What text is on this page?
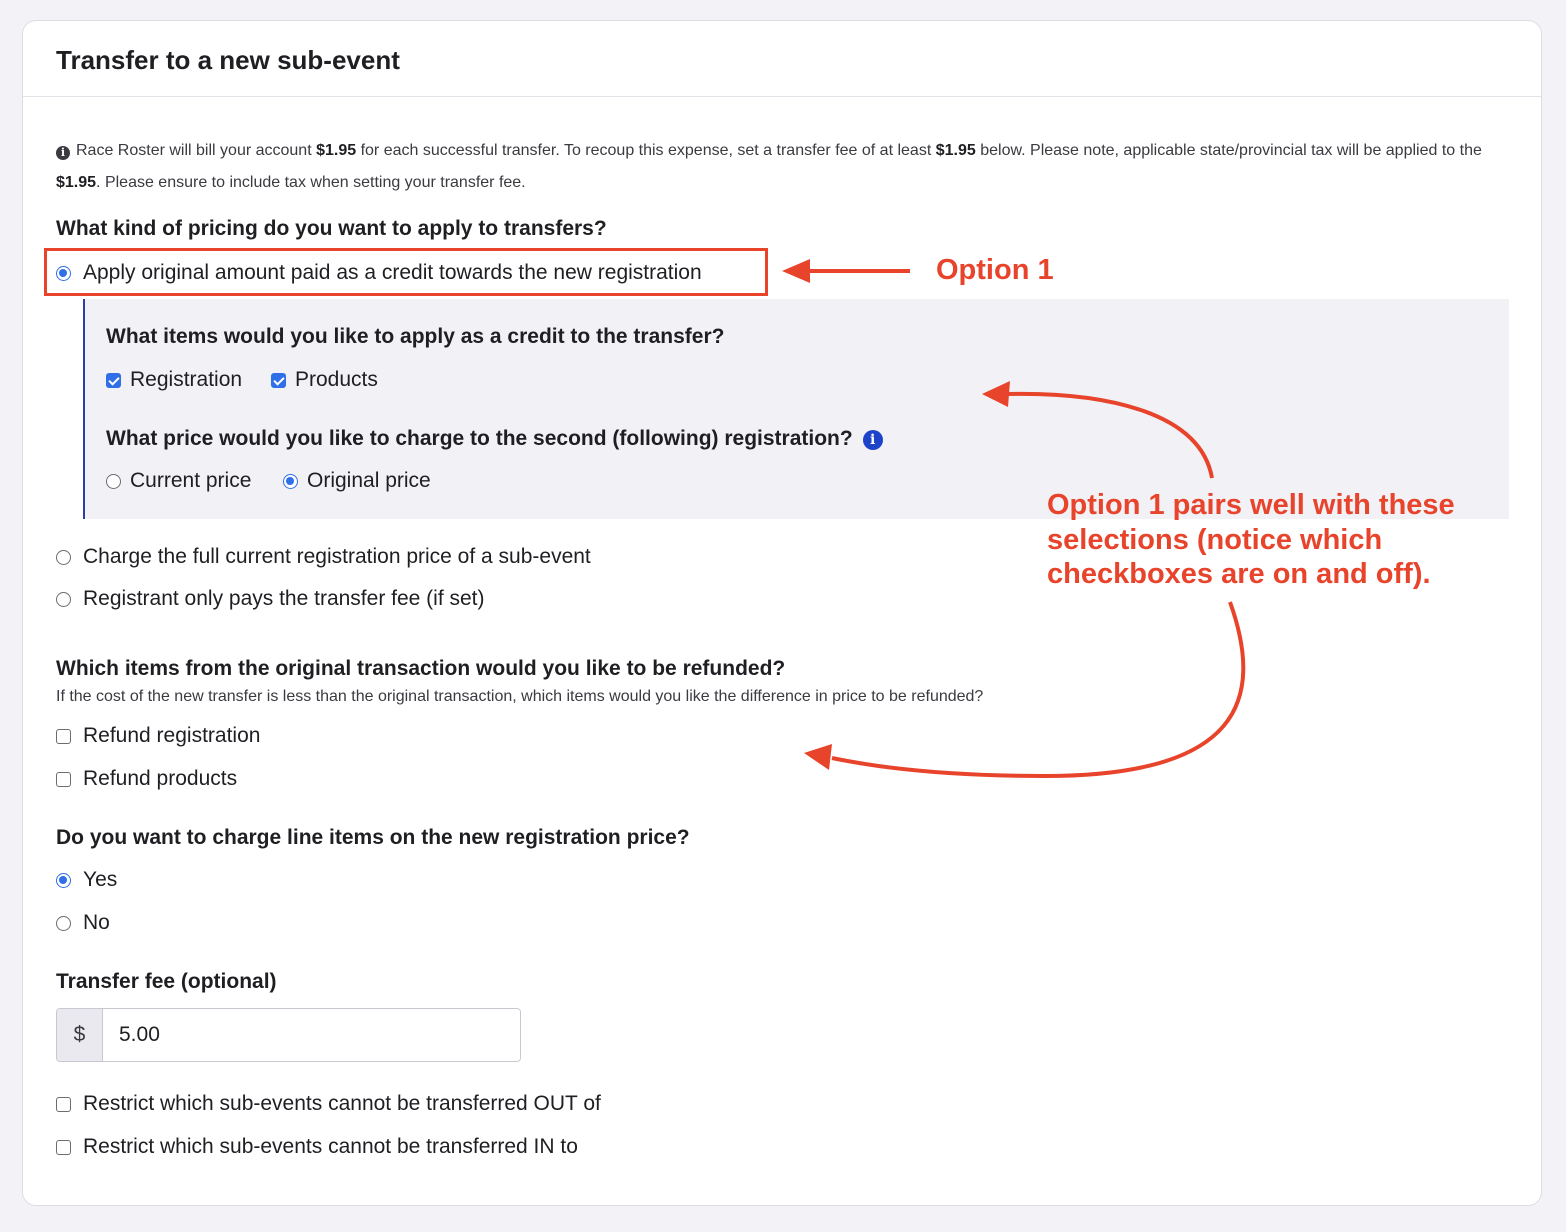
Transfer to a new sub-event
i Race Roster will bill your account $1.95 for each successful transfer. To recoup this expense, set a transfer fee of at least $1.95 below. Please note, applicable state/provincial tax will be applied to the $1.95. Please ensure to include tax when setting your transfer fee.
What kind of pricing do you want to apply to transfers?
Apply original amount paid as a credit towards the new registration
What items would you like to apply as a credit to the transfer?
Registration	Products
What price would you like to charge to the second (following) registration? i
Current price	Original price
Charge the full current registration price of a sub-event
Registrant only pays the transfer fee (if set)
Which items from the original transaction would you like to be refunded?
If the cost of the new transfer is less than the original transaction, which items would you like the difference in price to be refunded?
Refund registration
Refund products
Do you want to charge line items on the new registration price?
Yes
No
Transfer fee (optional)
$
5.00
Restrict which sub-events cannot be transferred OUT of
Restrict which sub-events cannot be transferred IN to
Option 1
Option 1 pairs well with these
selections (notice which
checkboxes are on and off).
